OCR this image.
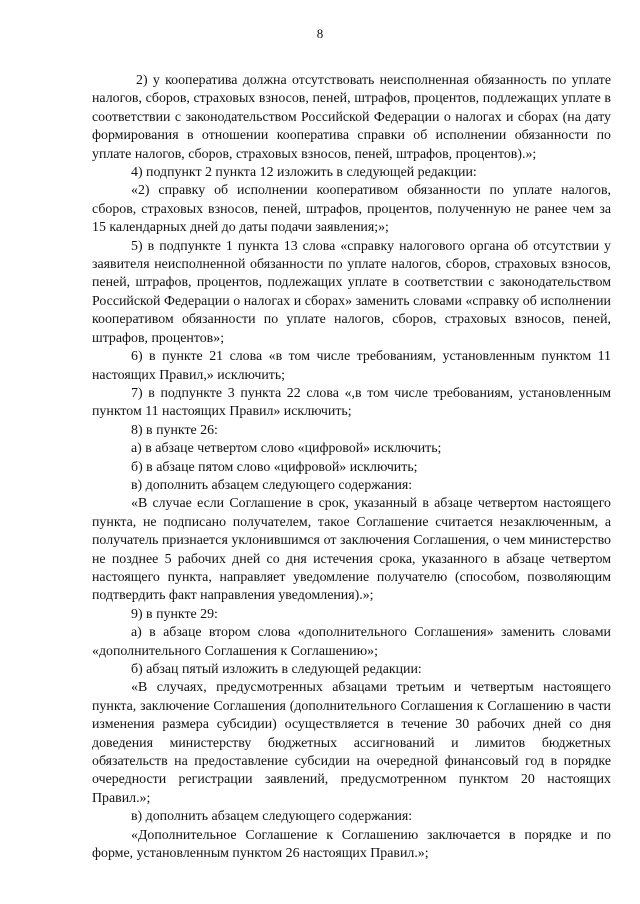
8

2) у кооператива должна отсутствовать неисполненная обязанность по уплате налогов, сборов, страховых взносов, пеней, штрафов, процентов, подлежащих уплате в соответствии с законодательством Российской Федерации о налогах и сборах (на дату формирования в отношении кооператива справки об исполнении обязанности по уплате налогов, сборов, страховых взносов, пеней, штрафов, процентов).»;

4) подпункт 2 пункта 12 изложить в следующей редакции:

«2) справку об исполнении кооперативом обязанности по уплате налогов, сборов, страховых взносов, пеней, штрафов, процентов, полученную не ранее чем за 15 календарных дней до даты подачи заявления;»;

5) в подпункте 1 пункта 13 слова «справку налогового органа об отсутствии у заявителя неисполненной обязанности по уплате налогов, сборов, страховых взносов, пеней, штрафов, процентов, подлежащих уплате в соответствии с законодательством Российской Федерации о налогах и сборах» заменить словами «справку об исполнении кооперативом обязанности по уплате налогов, сборов, страховых взносов, пеней, штрафов, процентов»;

6) в пункте 21 слова «в том числе требованиям, установленным пунктом 11 настоящих Правил,» исключить;

7) в подпункте 3 пункта 22 слова «,в том числе требованиям, установленным пунктом 11 настоящих Правил» исключить;

8) в пункте 26:

а) в абзаце четвертом слово «цифровой» исключить;

б) в абзаце пятом слово «цифровой» исключить;

в) дополнить абзацем следующего содержания:

«В случае если Соглашение в срок, указанный в абзаце четвертом настоящего пункта, не подписано получателем, такое Соглашение считается незаключенным, а получатель признается уклонившимся от заключения Соглашения, о чем министерство не позднее 5 рабочих дней со дня истечения срока, указанного в абзаце четвертом настоящего пункта, направляет уведомление получателю (способом, позволяющим подтвердить факт направления уведомления).»;

9) в пункте 29:

а) в абзаце втором слова «дополнительного Соглашения» заменить словами «дополнительного Соглашения к Соглашению»;

б) абзац пятый изложить в следующей редакции:

«В случаях, предусмотренных абзацами третьим и четвертым настоящего пункта, заключение Соглашения (дополнительного Соглашения к Соглашению в части изменения размера субсидии) осуществляется в течение 30 рабочих дней со дня доведения министерству бюджетных ассигнований и лимитов бюджетных обязательств на предоставление субсидии на очередной финансовый год в порядке очередности регистрации заявлений, предусмотренном пунктом 20 настоящих Правил.»;

в) дополнить абзацем следующего содержания:

«Дополнительное Соглашение к Соглашению заключается в порядке и по форме, установленным пунктом 26 настоящих Правил.»;
